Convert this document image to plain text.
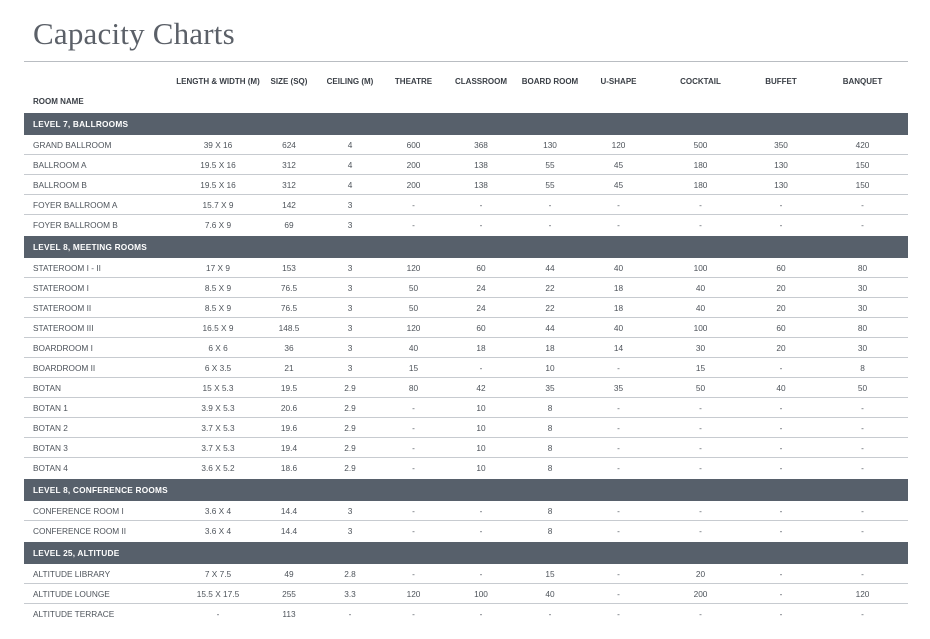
Capacity Charts
ROOM NAME	LENGTH & WIDTH (M)	SIZE (SQ)	CEILING (M)	THEATRE	CLASSROOM	BOARD ROOM	U-SHAPE	COCKTAIL	BUFFET	BANQUET
LEVEL 7, BALLROOMS										
GRAND BALLROOM	39 X 16	624	4	600	368	130	120	500	350	420
BALLROOM A	19.5 X 16	312	4	200	138	55	45	180	130	150
BALLROOM B	19.5 X 16	312	4	200	138	55	45	180	130	150
FOYER BALLROOM A	15.7 X 9	142	3	-	-	-	-	-	-	-
FOYER BALLROOM B	7.6 X 9	69	3	-	-	-	-	-	-	-

LEVEL 8, MEETING ROOMS										
STATEROOM I - II	17 X 9	153	3	120	60	44	40	100	60	80
STATEROOM I	8.5 X 9	76.5	3	50	24	22	18	40	20	30
STATEROOM II	8.5 X 9	76.5	3	50	24	22	18	40	20	30
STATEROOM III	16.5 X 9	148.5	3	120	60	44	40	100	60	80
BOARDROOM I	6 X 6	36	3	40	18	18	14	30	20	30
BOARDROOM II	6 X 3.5	21	3	15	-	10	-	15	-	8
BOTAN	15 X 5.3	19.5	2.9	80	42	35	35	50	40	50
BOTAN 1	3.9 X 5.3	20.6	2.9	-	10	8	-	-	-	-
BOTAN 2	3.7 X 5.3	19.6	2.9	-	10	8	-	-	-	-
BOTAN 3	3.7 X 5.3	19.4	2.9	-	10	8	-	-	-	-
BOTAN 4	3.6 X 5.2	18.6	2.9	-	10	8	-	-	-	-

LEVEL 8, CONFERENCE ROOMS										
CONFERENCE ROOM I	3.6 X 4	14.4	3	-	-	8	-	-	-	-
CONFERENCE ROOM II	3.6 X 4	14.4	3	-	-	8	-	-	-	-

LEVEL 25, ALTITUDE										
ALTITUDE LIBRARY	7 X 7.5	49	2.8	-	-	15	-	20	-	-
ALTITUDE LOUNGE	15.5 X 17.5	255	3.3	120	100	40	-	200	-	120
ALTITUDE TERRACE	-	113	-	-	-	-	-	-	-	-
